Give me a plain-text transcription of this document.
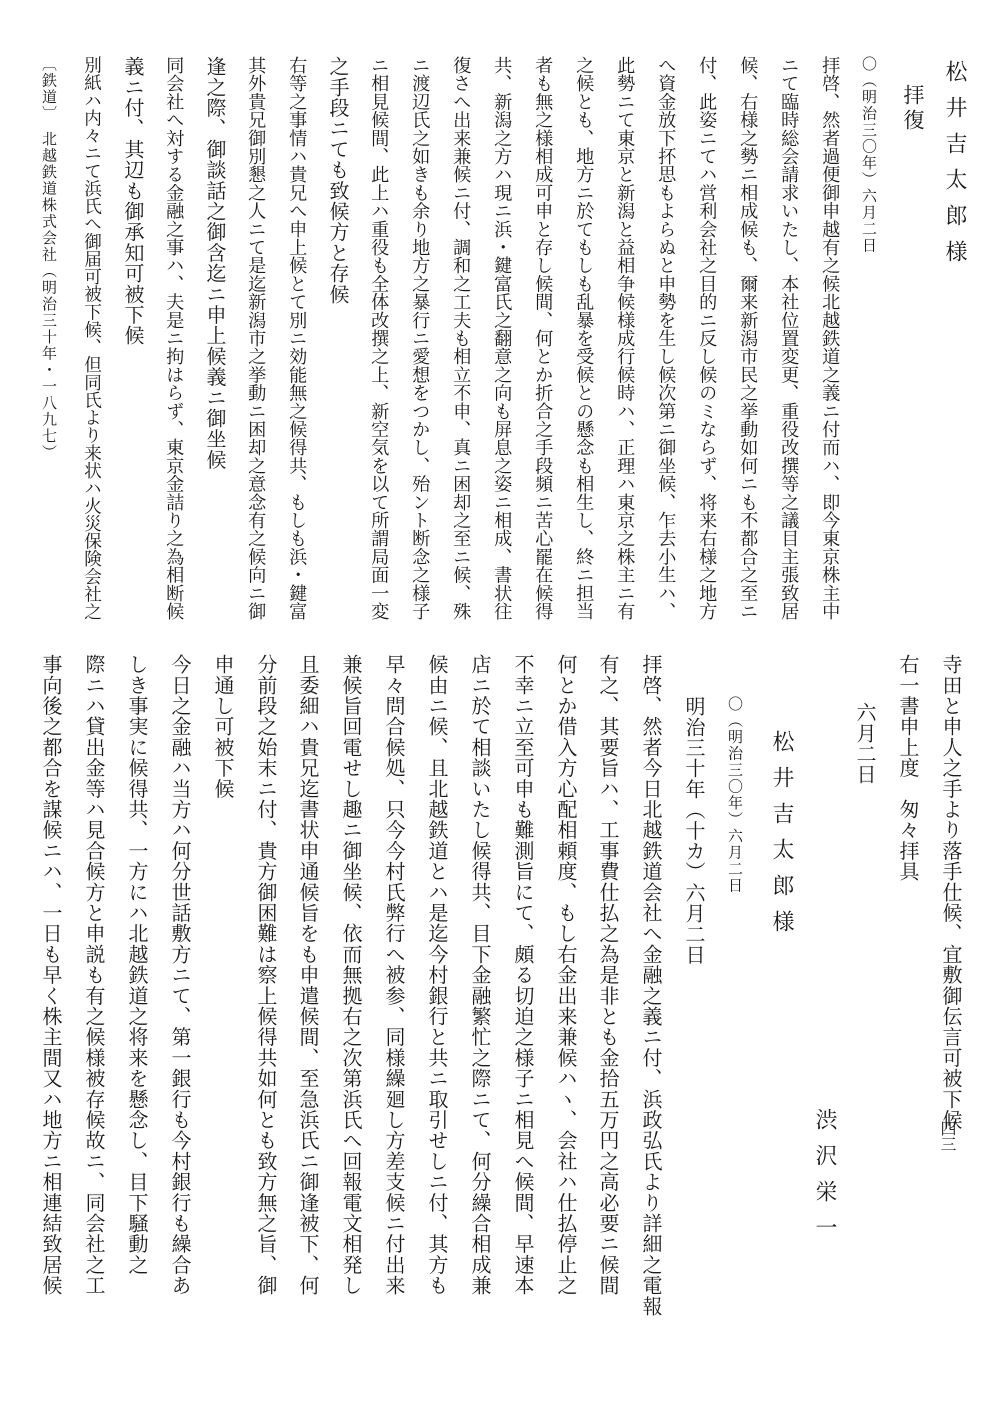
松井吉太郎様
拝復
〇（明治三〇年）六月二日
拝啓、然者過便御申越有之候北越鉄道之義ニ付而ハ、即今東京株主中
ニて臨時総会請求いたし、本社位置変更、重役改撰等之議目主張致居
候、右様之勢ニ相成候も、爾来新潟市民之挙動如何ニも不都合之至ニ
付、此姿ニてハ営利会社之目的ニ反し候のミならず、将来右様之地方
へ資金放下抔思もよらぬと申勢を生し候次第ニ御坐候、乍去小生ハ、
此勢ニて東京と新潟と益相争候様成行候時ハ、正理ハ東京之株主ニ有
之候とも、地方ニ於てもしも乱暴を受候との懸念も相生し、終ニ担当
者も無之様相成可申と存し候間、何とか折合之手段頻ニ苦心罷在候得
共、新潟之方ハ現ニ浜・鍵富氏之翻意之向も屏息之姿ニ相成、書状往
復さへ出来兼候ニ付、調和之工夫も相立不申、真ニ困却之至ニ候、殊
ニ渡辺氏之如きも余り地方之暴行ニ愛想をつかし、殆ント断念之様子
ニ相見候間、此上ハ重役も全体改撰之上、新空気を以て所謂局面一変
之手段ニても致候方と存候
右等之事情ハ貴兄へ申上候とて別ニ効能無之候得共、もしも浜・鍵富
其外貴兄御別懇之人ニて是迄新潟市之挙動ニ困却之意念有之候向ニ御
逢之際、御談話之御含迄ニ申上候義ニ御坐候
同会社へ対する金融之事ハ、夫是ニ拘はらず、東京金詰り之為相断候
義ニ付、其辺も御承知可被下候
別紙ハ内々ニて浜氏へ御届可被下候、但同氏より来状ハ火災保険会社之
〔鉄道〕　北越鉄道株式会社（明治三十年・一八九七）
寺田と申人之手より落手仕候、宜敷御伝言可被下候
右一書申上度　匆々拝具
六月二日
渋沢栄一
松井吉太郎様
〇（明治三〇年）六月二日
明治三十年（十カ）六月二日
拝啓、然者今日北越鉄道会社へ金融之義ニ付、浜政弘氏より詳細之電報
有之、其要旨ハ、工事費仕払之為是非とも金拾五万円之高必要ニ候間
何とか借入方心配相頼度、もし右金出来兼候ハヽ、会社ハ仕払停止之
不幸ニ立至可申も難測旨にて、頗る切迫之様子ニ相見へ候間、早速本
店ニ於て相談いたし候得共、目下金融繁忙之際ニて、何分繰合相成兼
候由ニ候、且北越鉄道とハ是迄今村銀行と共ニ取引せしニ付、其方も
早々問合候処、只今今村氏弊行へ被参、同様繰廻し方差支候ニ付出来
兼候旨回電せし趣ニ御坐候、依而無拠右之次第浜氏へ回報電文相発し
且委細ハ貴兄迄書状申通候旨をも申遣候間、至急浜氏ニ御逢被下、何
分前段之始末ニ付、貴方御困難は察上候得共如何とも致方無之旨、御
申通し可被下候
今日之金融ハ当方ハ何分世話敷方ニて、第一銀行も今村銀行も繰合あ
しき事実に候得共、一方にハ北越鉄道之将来を懸念し、目下騒動之
際ニハ貸出金等ハ見合候方と申説も有之候様被存候故ニ、同会社之工
事向後之都合を謀候ニハ、一日も早く株主間又ハ地方ニ相連結致居候	四三
